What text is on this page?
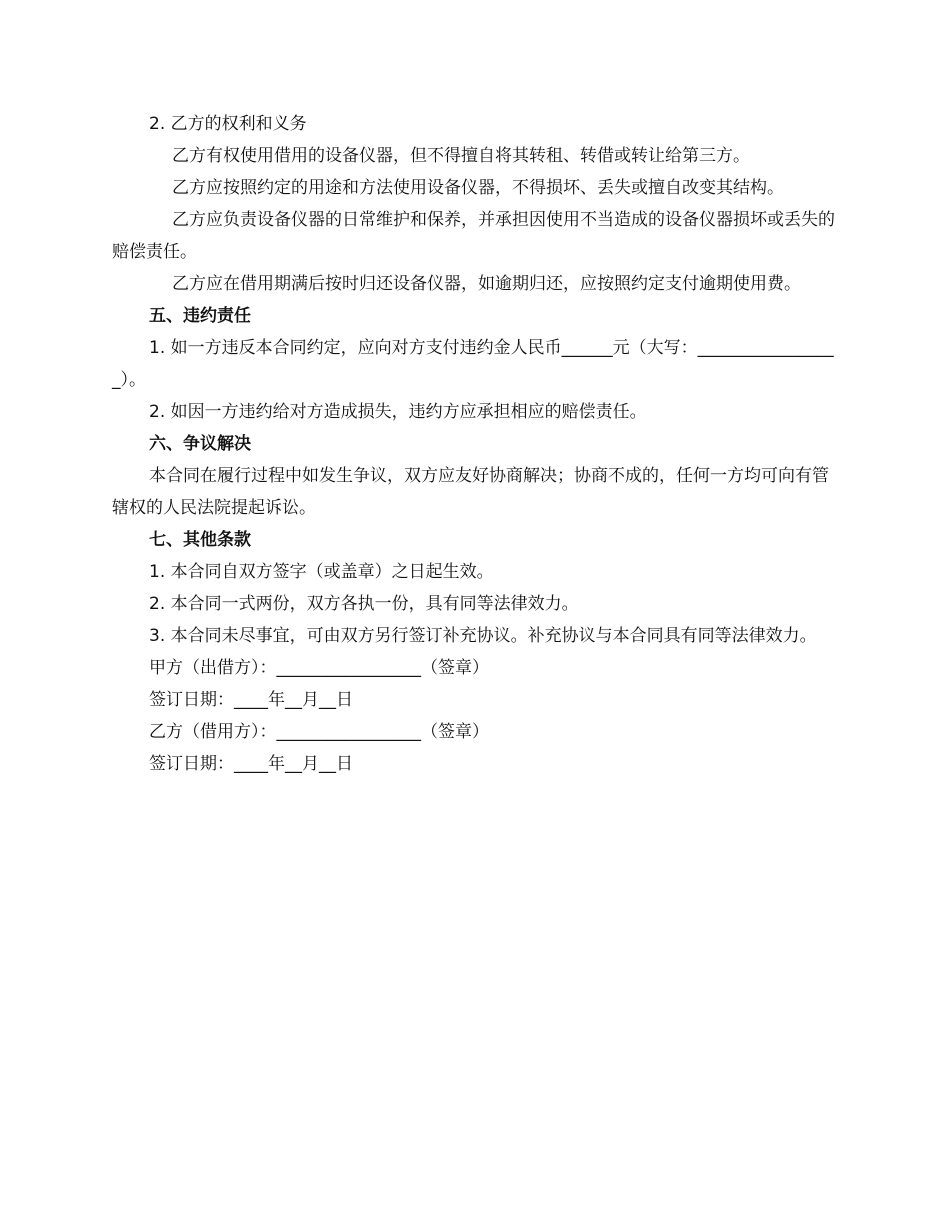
2. 乙方的权利和义务

乙方有权使用借用的设备仪器，但不得擅自将其转租、转借或转让给第三方。

乙方应按照约定的用途和方法使用设备仪器，不得损坏、丢失或擅自改变其结构。

乙方应负责设备仪器的日常维护和保养，并承担因使用不当造成的设备仪器损坏或丢失的赔偿责任。

乙方应在借用期满后按时归还设备仪器，如逾期归还，应按照约定支付逾期使用费。

五、违约责任

1. 如一方违反本合同约定，应向对方支付违约金人民币______元（大写：_________________）。

2. 如因一方违约给对方造成损失，违约方应承担相应的赔偿责任。

六、争议解决

本合同在履行过程中如发生争议，双方应友好协商解决；协商不成的，任何一方均可向有管辖权的人民法院提起诉讼。

七、其他条款

1. 本合同自双方签字（或盖章）之日起生效。

2. 本合同一式两份，双方各执一份，具有同等法律效力。

3. 本合同未尽事宜，可由双方另行签订补充协议。补充协议与本合同具有同等法律效力。

甲方（出借方）：_________________（签章）

签订日期：____年__月__日

乙方（借用方）：_________________（签章）

签订日期：____年__月__日
